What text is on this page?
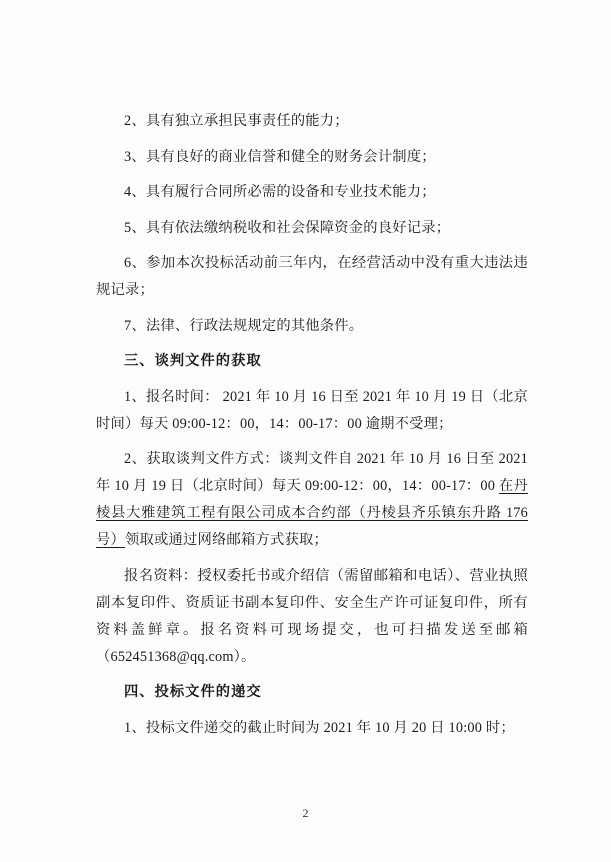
2、具有独立承担民事责任的能力；

3、具有良好的商业信誉和健全的财务会计制度；

4、具有履行合同所必需的设备和专业技术能力；

5、具有依法缴纳税收和社会保障资金的良好记录；

6、参加本次投标活动前三年内，在经营活动中没有重大违法违规记录；

7、法律、行政法规规定的其他条件。

三、谈判文件的获取

1、报名时间： 2021 年 10 月 16 日至 2021 年 10 月 19 日（北京时间）每天 09:00-12：00，14：00-17：00 逾期不受理；

2、获取谈判文件方式：谈判文件自 2021 年 10 月 16 日至 2021 年 10 月 19 日（北京时间）每天 09:00-12：00，14：00-17：00 在丹棱县大雅建筑工程有限公司成本合约部（丹棱县齐乐镇东升路 176 号）领取或通过网络邮箱方式获取；

报名资料：授权委托书或介绍信（需留邮箱和电话）、营业执照副本复印件、资质证书副本复印件、安全生产许可证复印件，所有资料盖鲜章。报名资料可现场提交，也可扫描发送至邮箱（652451368@qq.com）。

四、投标文件的递交

1、投标文件递交的截止时间为 2021 年 10 月 20 日 10:00 时；

2
